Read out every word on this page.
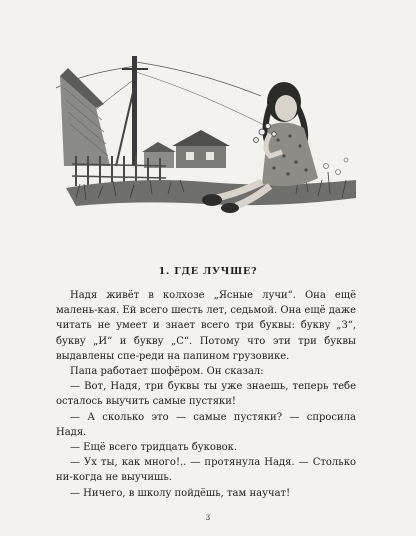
1. ГДЕ ЛУЧШЕ?

Надя живёт в колхозе „Ясные лучи“. Она ещё малень-кая. Ей всего шесть лет, седьмой. Она ещё даже читать не умеет и знает всего три буквы: букву „З“, букву „И“ и букву „С“. Потому что эти три буквы выдавлены спе-реди на папином грузовике.

Папа работает шофёром. Он сказал:

— Вот, Надя, три буквы ты уже знаешь, теперь тебе осталось выучить самые пустяки!

— А сколько это — самые пустяки? — спросила Надя.

— Ещё всего тридцать буковок.

— Ух ты, как много!.. — протянула Надя. — Столько ни-когда не выучишь.

— Ничего, в школу пойдёшь, там научат!

3
